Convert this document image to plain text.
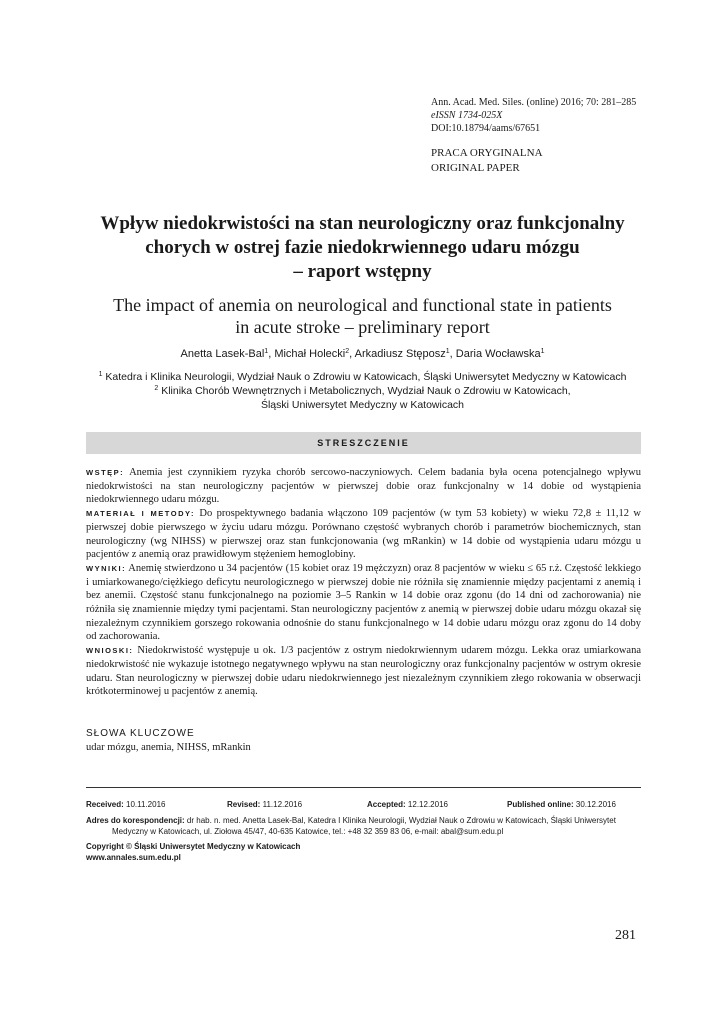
Ann. Acad. Med. Siles. (online) 2016; 70: 281–285
eISSN 1734-025X
DOI:10.18794/aams/67651
PRACA ORYGINALNA
ORIGINAL PAPER
Wpływ niedokrwistości na stan neurologiczny oraz funkcjonalny
chorych w ostrej fazie niedokrwiennego udaru mózgu
– raport wstępny
The impact of anemia on neurological and functional state in patients
in acute stroke – preliminary report
Anetta Lasek-Bal$^1$, Michał Holecki$^2$, Arkadiusz Stęposz$^1$, Daria Wocławska$^1$
$^1$ Katedra i Klinika Neurologii, Wydział Nauk o Zdrowiu w Katowicach, Śląski Uniwersytet Medyczny w Katowicach
$^2$ Klinika Chorób Wewnętrznych i Metabolicznych, Wydział Nauk o Zdrowiu w Katowicach,
Śląski Uniwersytet Medyczny w Katowicach
STRESZCZENIE

WSTĘP: Anemia jest czynnikiem ryzyka chorób sercowo-naczyniowych. Celem badania była ocena potencjalnego wpływu niedokrwistości na stan neurologiczny pacjentów w pierwszej dobie oraz funkcjonalny w 14 dobie od wystąpienia niedokrwiennego udaru mózgu.

MATERIAŁ I METODY: Do prospektywnego badania włączono 109 pacjentów (w tym 53 kobiety) w wieku 72,8 ± 11,12 w pierwszej dobie pierwszego w życiu udaru mózgu. Porównano częstość wybranych chorób i parametrów biochemicznych, stan neurologiczny (wg NIHSS) w pierwszej oraz stan funkcjonowania (wg mRankin) w 14 dobie od wystąpienia udaru mózgu u pacjentów z anemią oraz prawidłowym stężeniem hemoglobiny.

WYNIKI: Anemię stwierdzono u 34 pacjentów (15 kobiet oraz 19 mężczyzn) oraz 8 pacjentów w wieku ≤ 65 r.ż. Częstość lekkiego i umiarkowanego/ciężkiego deficytu neurologicznego w pierwszej dobie nie różniła się znamiennie między pacjentami z anemią i bez anemii. Częstość stanu funkcjonalnego na poziomie 3–5 Rankin w 14 dobie oraz zgonu (do 14 dni od zachorowania) nie różniła się znamiennie między tymi pacjentami. Stan neurologiczny pacjentów z anemią w pierwszej dobie udaru mózgu okazał się niezależnym czynnikiem gorszego rokowania odnośnie do stanu funkcjonalnego w 14 dobie udaru mózgu oraz zgonu do 14 doby od zachorowania.

WNIOSKI: Niedokrwistość występuje u ok. 1/3 pacjentów z ostrym niedokrwiennym udarem mózgu. Lekka oraz umiarkowana niedokrwistość nie wykazuje istotnego negatywnego wpływu na stan neurologiczny oraz funkcjonalny pacjentów w ostrym okresie udaru. Stan neurologiczny w pierwszej dobie udaru niedokrwiennego jest niezależnym czynnikiem złego rokowania w obserwacji krótkoterminowej u pacjentów z anemią.

SŁOWA KLUCZOWE
udar mózgu, anemia, NIHSS, mRankin
Received: 10.11.2016	Revised: 11.12.2016	Accepted: 12.12.2016	Published online: 30.12.2016
Adres do korespondencji: dr hab. n. med. Anetta Lasek-Bal, Katedra I Klinika Neurologii, Wydział Nauk o Zdrowiu w Katowicach, Śląski Uniwersytet
Medyczny w Katowicach, ul. Ziołowa 45/47, 40-635 Katowice, tel.: +48 32 359 83 06, e-mail: abal@sum.edu.pl
Copyright © Śląski Uniwersytet Medyczny w Katowicach
www.annales.sum.edu.pl
281
